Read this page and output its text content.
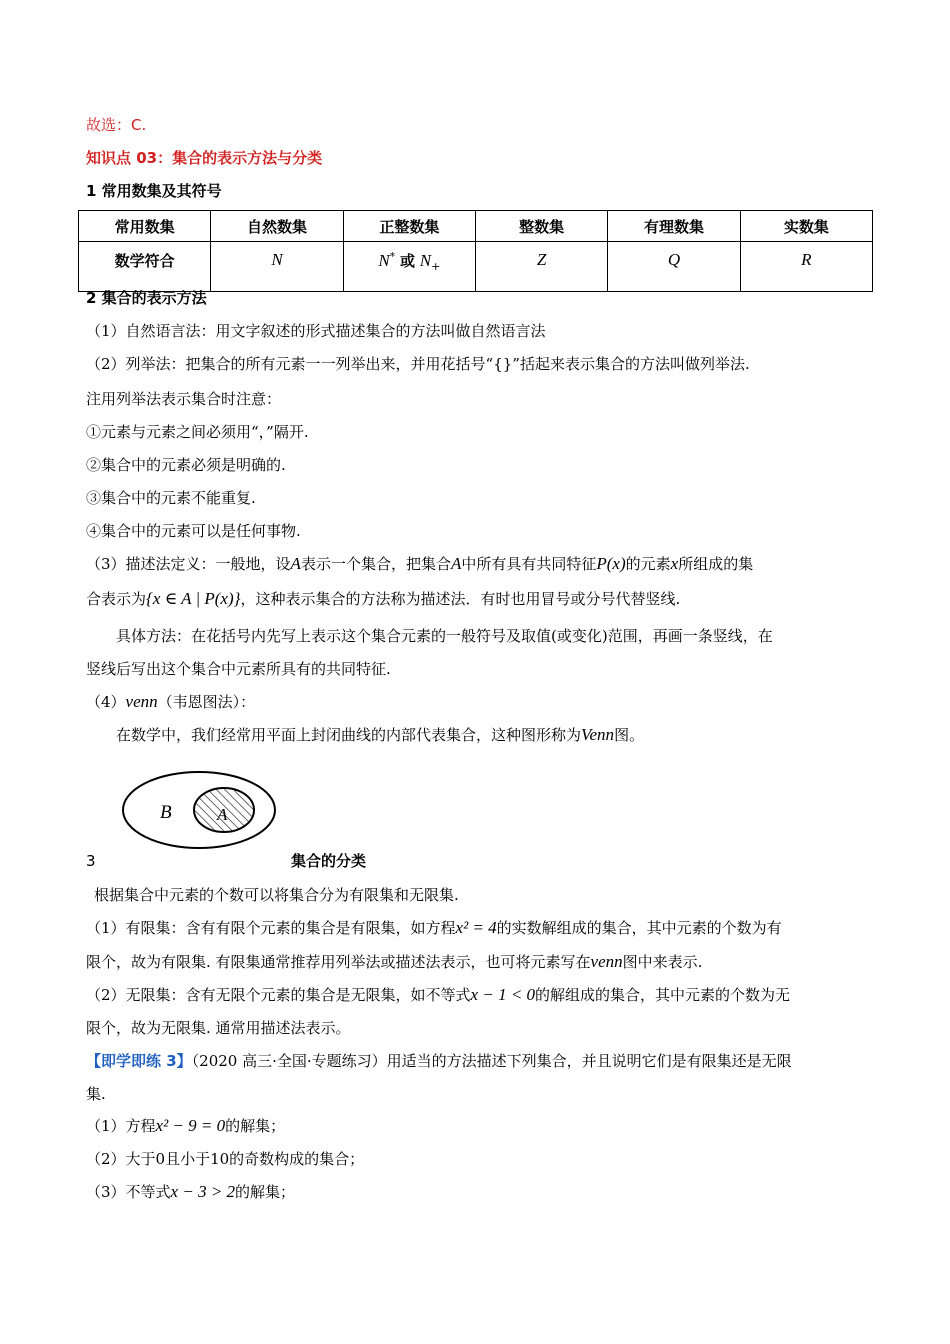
故选：C.
知识点 03：集合的表示方法与分类
1 常用数集及其符号
常用数集	自然数集	正整数集	整数集	有理数集	实数集
数学符合	N	N* 或 $N_+$	Z	Q	R
2 集合的表示方法
（1）自然语言法：用文字叙述的形式描述集合的方法叫做自然语言法
（2）列举法：把集合的所有元素一一列举出来，并用花括号“{}”括起来表示集合的方法叫做列举法.
注用列举法表示集合时注意：
①元素与元素之间必须用“，”隔开.
②集合中的元素必须是明确的.
③集合中的元素不能重复.
④集合中的元素可以是任何事物.
（3）描述法定义：一般地，设A表示一个集合，把集合A中所有具有共同特征P(x)的元素x所组成的集
合表示为{x ∈ A | P(x)}，这种表示集合的方法称为描述法．有时也用冒号或分号代替竖线.
具体方法：在花括号内先写上表示这个集合元素的一般符号及取值(或变化)范围，再画一条竖线，在
竖线后写出这个集合中元素所具有的共同特征.
（4）venn（韦恩图法）：
在数学中，我们经常用平面上封闭曲线的内部代表集合，这种图形称为Venn图。
B	A
3	集合的分类
根据集合中元素的个数可以将集合分为有限集和无限集.
（1）有限集：含有有限个元素的集合是有限集，如方程x² = 4的实数解组成的集合，其中元素的个数为有
限个，故为有限集. 有限集通常推荐用列举法或描述法表示，也可将元素写在venn图中来表示.
（2）无限集：含有无限个元素的集合是无限集，如不等式x − 1 < 0的解组成的集合，其中元素的个数为无
限个，故为无限集. 通常用描述法表示。
【即学即练 3】（2020 高三·全国·专题练习）用适当的方法描述下列集合，并且说明它们是有限集还是无限
集.
（1）方程x² − 9 = 0的解集；
（2）大于0且小于10的奇数构成的集合；
（3）不等式x − 3 > 2的解集；
